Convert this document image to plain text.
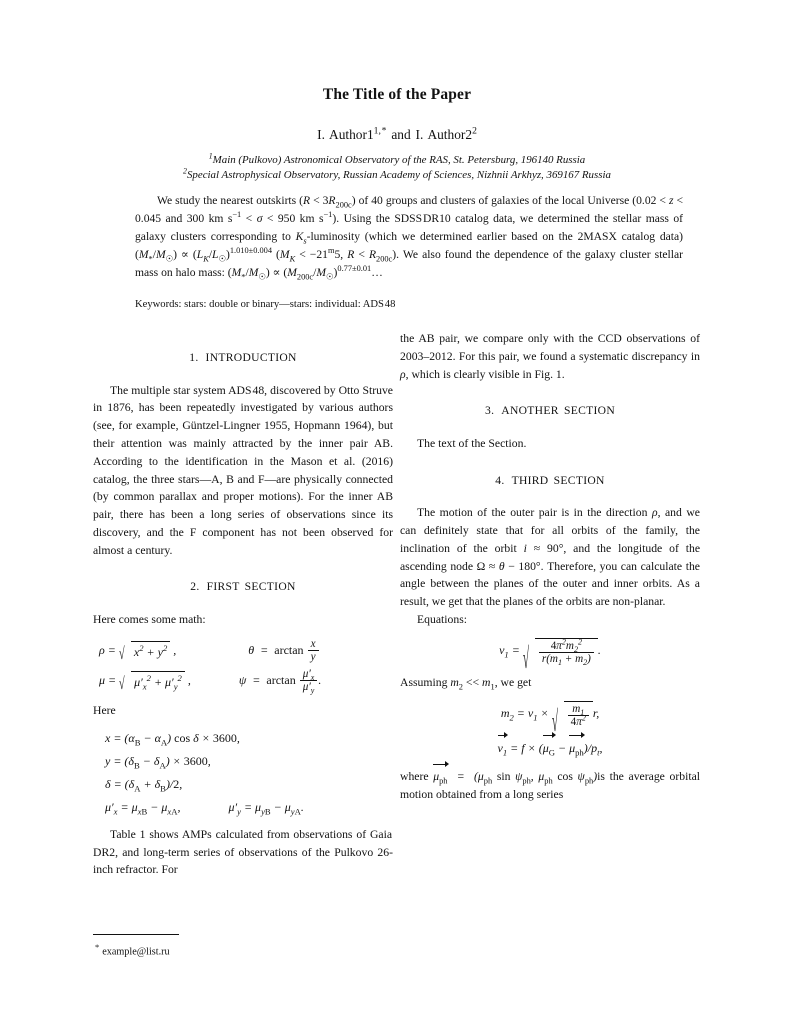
The Title of the Paper
I. $Author1^{1, *}$ and I. $Author2^2$
$^1$Main (Pulkovo) Astronomical Observatory of the RAS, St. Petersburg, 196140 Russia
$^2$Special Astrophysical Observatory, Russian Academy of Sciences, Nizhnii Arkhyz, 369167 Russia
We study the nearest outskirts $(R < 3R_{200c})$ of 40 groups and clusters of galaxies of the local Universe (0.02 < z < 0.045 and 300 km $s^{-1} < \sigma < 950$ km $s^{-1}$). Using the SDSS DR10 catalog data, we determined the stellar mass of galaxy clusters corresponding to $K_s$-luminosity (which we determined earlier based on the 2MASX catalog data) $(M_*/M_☉) \propto (L_K/L_☉)^{1.010\pm 0.004}$ ($M_K < -21^m5$, $R < R_{200c}$). We also found the dependence of the galaxy cluster stellar mass on halo mass: $(M_*/M_☉)$ ∝ $(M_{200c}/M_☉)^{0.77\pm 0.01}\dots$
Keywords: stars: double or binary—stars: individual: ADS 48
1. INTRODUCTION

The multiple star system ADS 48, discovered by Otto Struve in 1876, has been repeatedly investigated by various authors (see, for example, Güntzel-Lingner 1955, Hopmann 1964), but their attention was mainly attracted by the inner pair AB. According to the identification in the Mason et al. (2016) catalog, the three stars—A, B and F—are physically connected (by common parallax and proper motions). For the inner AB pair, there has been a long series of observations since its discovery, and the F component has not been observed for almost a century.

2. FIRST SECTION

Here comes some math:

ρ = √ $x^2 + y^2$ ,	$\theta = \arctan \frac{x}{y}$
μ = √ $\mu'_x^2 + \mu'_y^2$ ,	$\psi = \arctan \frac{\mu'_x}{\mu'_y}$ .

Here

$x = (\alpha_B - \alpha_A)$ cos δ × 3600,
$y = (\delta_B - \delta_A) \times 3600$,
$\delta = (\delta_A + \delta_B)/2$,
$\mu'_x = \mu_{xB} - \mu_{xA}$,	$\mu'_y = \mu_{yB} - \mu_{yA}$.

Table 1 shows AMPs calculated from observations of Gaia DR2, and long-term series of observations of the Pulkovo 26-inch refractor. For

the AB pair, we compare only with the CCD observations of 2003–2012. For this pair, we found a systematic discrepancy in ρ, which is clearly visible in Fig. 1.

3. ANOTHER SECTION

The text of the Section.

4. THIRD SECTION

The motion of the outer pair is in the direction ρ, and we can definitely state that for all orbits of the family, the inclination of the orbit i ≈ 90°, and the longitude of the ascending node Ω ≈ θ − 180°. Therefore, you can calculate the angle between the planes of the outer and inner orbits. As a result, we get that the planes of the orbits are non-planar.

Equations:

$v_1$ = √ $\frac{4\pi^2m_2^2}{r(m_1 + m_2)}$ .

Assuming $m_2 << m_1$, we get

$m_2 = v_1$ × √ $\frac{m_1}{4\pi^2} r$,
$v_1 = f$ × (
$\mu_G$ −
$\mu_{ph})/p_t$,

where
$\mu_{ph} = (\mu_{ph}$ $\sin \psi_{ph}$, $\mu_{ph}$ $\cos \psi_{ph})is$ the average orbital motion obtained from a long series

* example@list.ru
